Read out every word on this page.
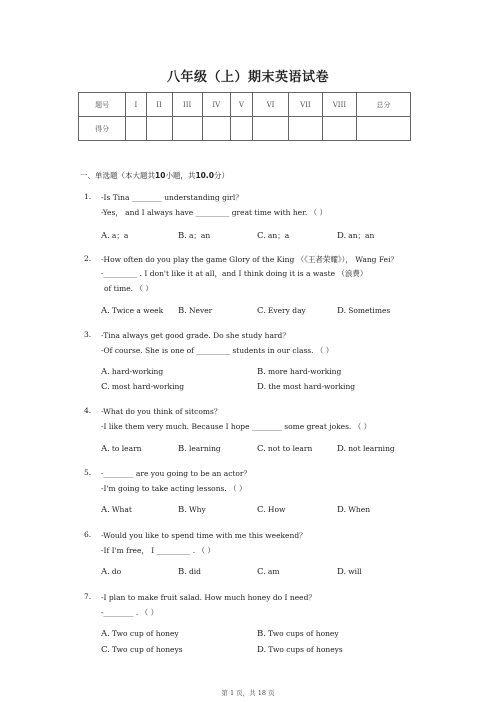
八年级（上）期末英语试卷
题号	I	II	III	IV	V	VI	VII	VIII	总分
得分									
一、单选题（本大题共10小题，共10.0分）
1. -Is Tina ________ understanding girl？
-Yes， and I always have _________ great time with her. （ ）
A. a；a	B. a；an	C. an；a	D. an；an
2. -How often do you play the game Glory of the King （《王者荣耀》）， Wang Fei？
-_________ . I don't like it at all，and I think doing it is a waste （浪费）
of time. （ ）
A. Twice a week B. Never	C. Every day	D. Sometimes
3. -Tina always get good grade. Do she study hard？
-Of course. She is one of _________ students in our class. （ ）
A. hard-working	B. more hard-working
C. most hard-working	D. the most hard-working
4. -What do you think of sitcoms？
-I like them very much. Because I hope ________ some great jokes. （ ）
A. to learn	B. learning	C. not to learn	D. not learning
5. -________ are you going to be an actor？
-I'm going to take acting lessons. （ ）
A. What	B. Why	C. How	D. When
6. -Would you like to spend time with me this weekend？
-If I'm free， I _________ . （ ）
A. do	B. did	C. am	D. will
7. -I plan to make fruit salad. How much honey do I need？
-________ . （ ）
A. Two cup of honey	B. Two cups of honey
C. Two cup of honeys	D. Two cups of honeys
第 1 页，共 18 页
